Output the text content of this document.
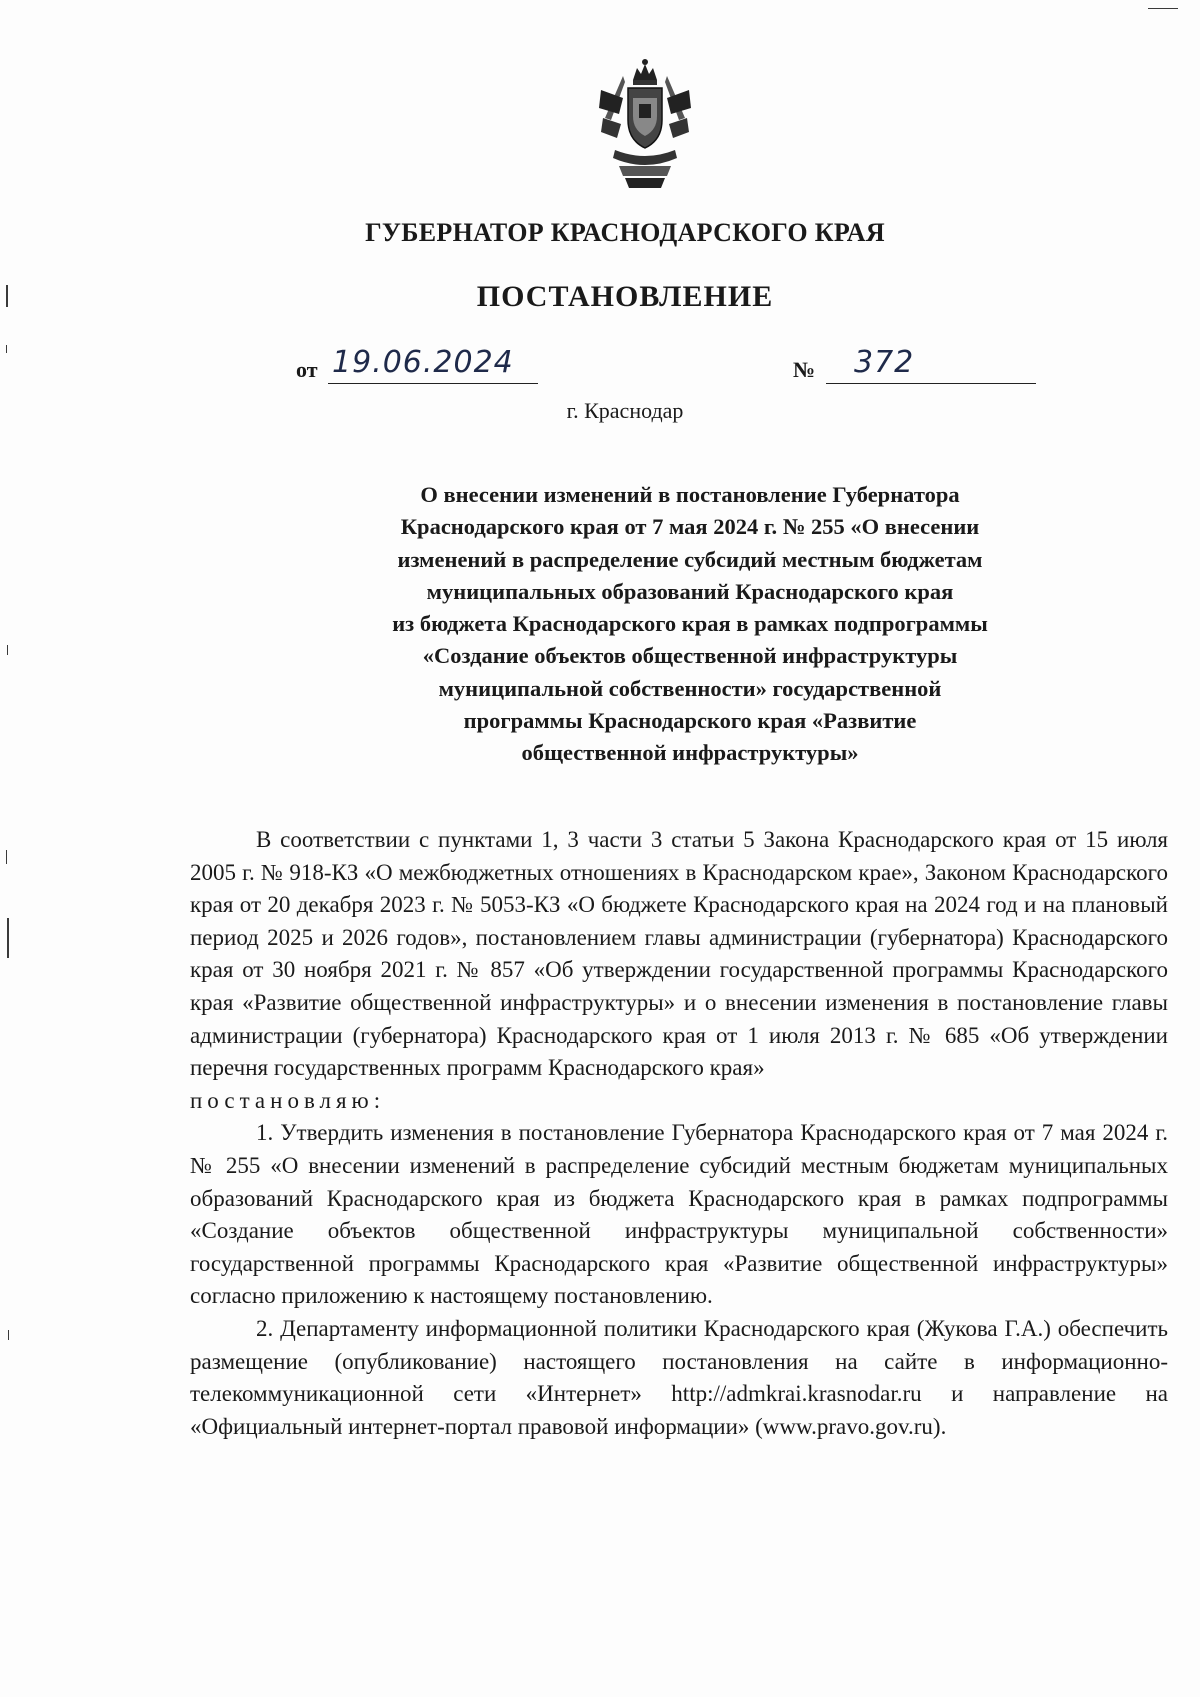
ГУБЕРНАТОР КРАСНОДАРСКОГО КРАЯ
ПОСТАНОВЛЕНИЕ
от 19.06.2024	№ 372
г. Краснодар
О внесении изменений в постановление Губернатора
Краснодарского края от 7 мая 2024 г. № 255 «О внесении
изменений в распределение субсидий местным бюджетам
муниципальных образований Краснодарского края
из бюджета Краснодарского края в рамках подпрограммы
«Создание объектов общественной инфраструктуры
муниципальной собственности» государственной
программы Краснодарского края «Развитие
общественной инфраструктуры»

В соответствии с пунктами 1, 3 части 3 статьи 5 Закона Краснодарского края от 15 июля 2005 г. № 918-КЗ «О межбюджетных отношениях в Краснодарском крае», Законом Краснодарского края от 20 декабря 2023 г. № 5053-КЗ «О бюджете Краснодарского края на 2024 год и на плановый период 2025 и 2026 годов», постановлением главы администрации (губернатора) Краснодарского края от 30 ноября 2021 г. № 857 «Об утверждении государственной программы Краснодарского края «Развитие общественной инфраструктуры» и о внесении изменения в постановление главы администрации (губернатора) Краснодарского края от 1 июля 2013 г. № 685 «Об утверждении перечня государственных программ Краснодарского края»
постановляю:

1. Утвердить изменения в постановление Губернатора Краснодарского края от 7 мая 2024 г. № 255 «О внесении изменений в распределение субсидий местным бюджетам муниципальных образований Краснодарского края из бюджета Краснодарского края в рамках подпрограммы «Создание объектов общественной инфраструктуры муниципальной собственности» государственной программы Краснодарского края «Развитие общественной инфраструктуры» согласно приложению к настоящему постановлению.

2. Департаменту информационной политики Краснодарского края (Жукова Г.А.) обеспечить размещение (опубликование) настоящего постановления на сайте в информационно-телекоммуникационной сети «Интернет» http://admkrai.krasnodar.ru и направление на «Официальный интернет-портал правовой информации» (www.pravo.gov.ru).
